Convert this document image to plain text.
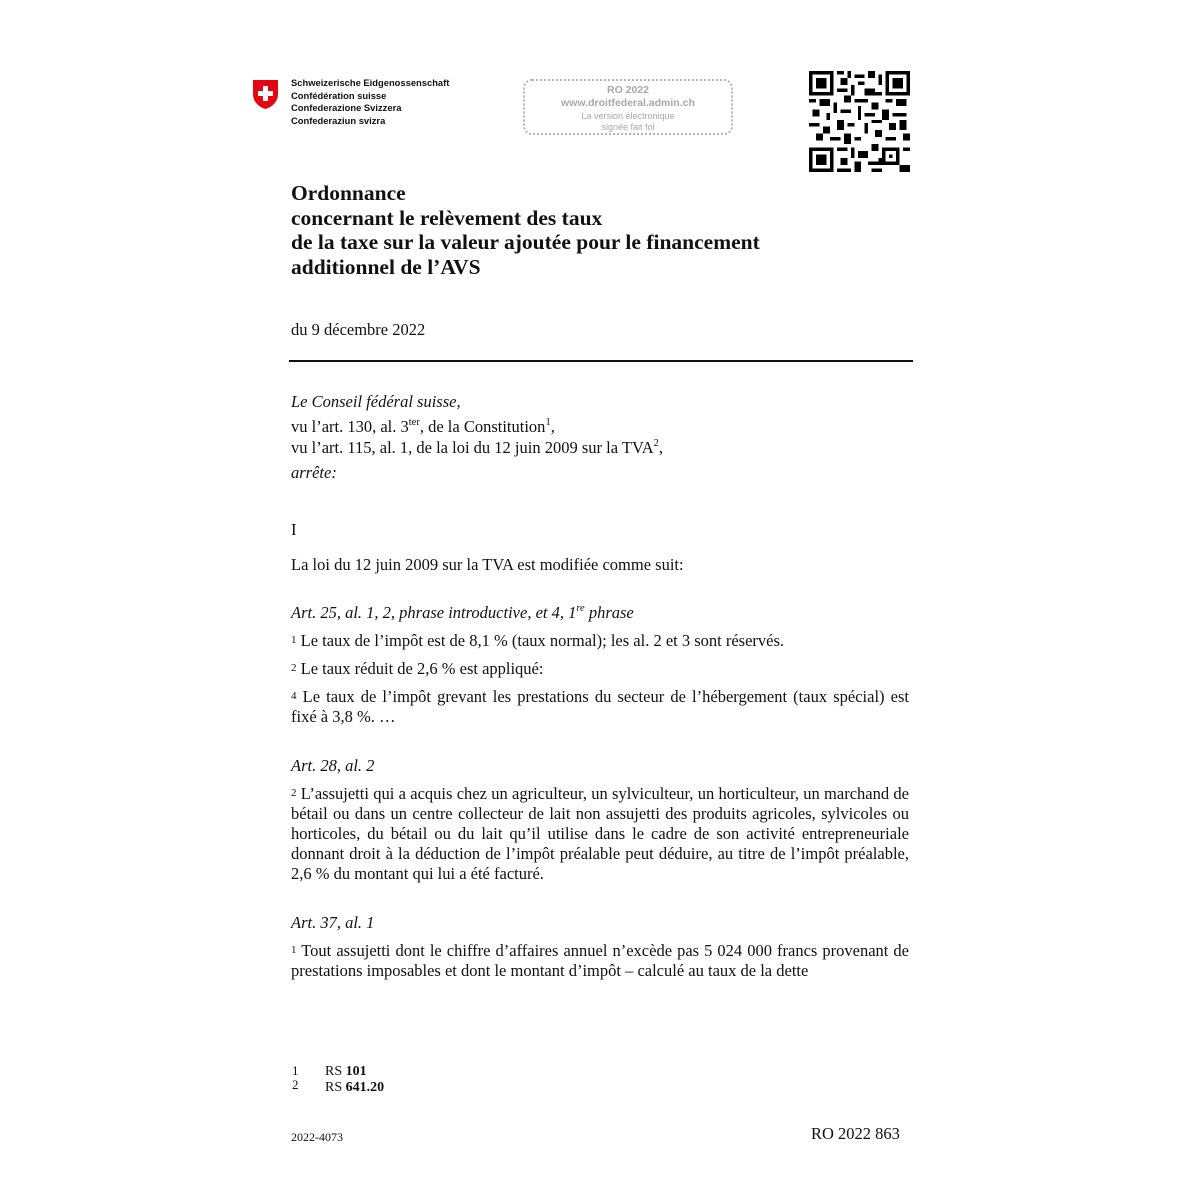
Schweizerische Eidgenossenschaft
Confédération suisse
Confederazione Svizzera
Confederaziun svizra
RO 2022
www.droitfederal.admin.ch
La version électronique
signée fait foi
Ordonnance
concernant le relèvement des taux
de la taxe sur la valeur ajoutée pour le financement
additionnel de l’AVS
du 9 décembre 2022
Le Conseil fédéral suisse,
vu l’art. 130, al. $3^{ter}$, de la Constitution$^1$,
vu l’art. 115, al. 1, de la loi du 12 juin 2009 sur la TVA$^2$,
arrête:
I
La loi du 12 juin 2009 sur la TVA est modifiée comme suit:
Art. 25, al. 1, 2, phrase introductive, et 4, 1re phrase
$^1$ Le taux de l’impôt est de 8,1 % (taux normal); les al. 2 et 3 sont réservés.
$^2$ Le taux réduit de 2,6 % est appliqué:
$^4$ Le taux de l’impôt grevant les prestations du secteur de l’hébergement (taux spécial) est fixé à 3,8 %. …
Art. 28, al. 2
$^2$ L’assujetti qui a acquis chez un agriculteur, un sylviculteur, un horticulteur, un marchand de bétail ou dans un centre collecteur de lait non assujetti des produits agricoles, sylvicoles ou horticoles, du bétail ou du lait qu’il utilise dans le cadre de son activité entrepreneuriale donnant droit à la déduction de l’impôt préalable peut déduire, au titre de l’impôt préalable, 2,6 % du montant qui lui a été facturé.
Art. 37, al. 1
$^1$ Tout assujetti dont le chiffre d’affaires annuel n’excède pas 5 024 000 francs provenant de prestations imposables et dont le montant d’impôt – calculé au taux de la dette
1 RS 101
2 RS 641.20
2022-4073	RO 2022 863
